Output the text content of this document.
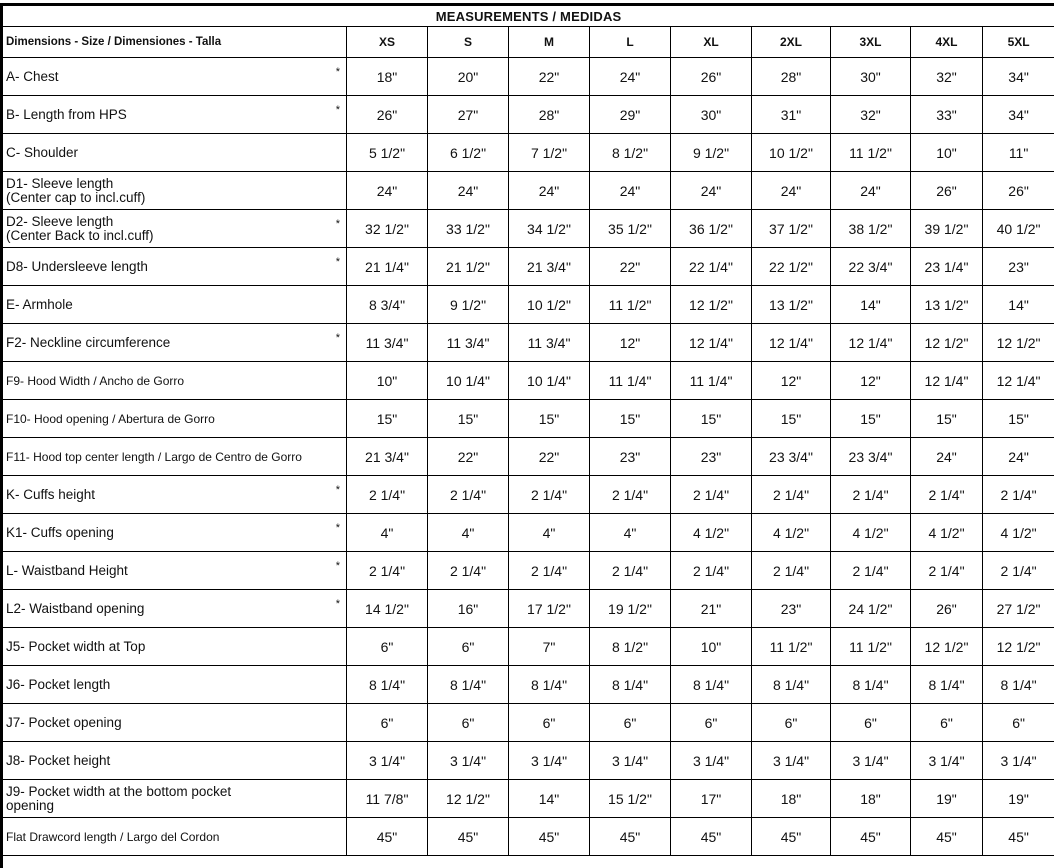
MEASUREMENTS / MEDIDAS									
Dimensions - Size / Dimensiones - Talla	XS	S	M	L	XL	2XL	3XL	4XL	5XL

A- Chest *	18"	20"	22"	24"	26"	28"	30"	32"	34"

B- Length from HPS *	26"	27"	28"	29"	30"	31"	32"	33"	34"

C- Shoulder	5 1/2"	6 1/2"	7 1/2"	8 1/2"	9 1/2"	10 1/2"	11 1/2"	10"	11"

D1- Sleeve length
(Center cap to incl.cuff)	24"	24"	24"	24"	24"	24"	24"	26"	26"

D2- Sleeve length
(Center Back to incl.cuff)
*	32 1/2"	33 1/2"	34 1/2"	35 1/2"	36 1/2"	37 1/2"	38 1/2"	39 1/2"	40 1/2"

D8- Undersleeve length *	21 1/4"	21 1/2"	21 3/4"	22"	22 1/4"	22 1/2"	22 3/4"	23 1/4"	23"

E- Armhole	8 3/4"	9 1/2"	10 1/2"	11 1/2"	12 1/2"	13 1/2"	14"	13 1/2"	14"

F2- Neckline circumference *	11 3/4"	11 3/4"	11 3/4"	12"	12 1/4"	12 1/4"	12 1/4"	12 1/2"	12 1/2"

F9- Hood Width / Ancho de Gorro	10"	10 1/4"	10 1/4"	11 1/4"	11 1/4"	12"	12"	12 1/4"	12 1/4"

F10- Hood opening / Abertura de Gorro	15"	15"	15"	15"	15"	15"	15"	15"	15"

F11- Hood top center length / Largo de Centro de Gorro	21 3/4"	22"	22"	23"	23"	23 3/4"	23 3/4"	24"	24"

K- Cuffs height *	2 1/4"	2 1/4"	2 1/4"	2 1/4"	2 1/4"	2 1/4"	2 1/4"	2 1/4"	2 1/4"

K1- Cuffs opening *	4"	4"	4"	4"	4 1/2"	4 1/2"	4 1/2"	4 1/2"	4 1/2"

L- Waistband Height *	2 1/4"	2 1/4"	2 1/4"	2 1/4"	2 1/4"	2 1/4"	2 1/4"	2 1/4"	2 1/4"

L2- Waistband opening *	14 1/2"	16"	17 1/2"	19 1/2"	21"	23"	24 1/2"	26"	27 1/2"

J5- Pocket width at Top	6"	6"	7"	8 1/2"	10"	11 1/2"	11 1/2"	12 1/2"	12 1/2"

J6- Pocket length	8 1/4"	8 1/4"	8 1/4"	8 1/4"	8 1/4"	8 1/4"	8 1/4"	8 1/4"	8 1/4"

J7- Pocket opening	6"	6"	6"	6"	6"	6"	6"	6"	6"

J8- Pocket height	3 1/4"	3 1/4"	3 1/4"	3 1/4"	3 1/4"	3 1/4"	3 1/4"	3 1/4"	3 1/4"

J9- Pocket width at the bottom pocket
opening	11 7/8"	12 1/2"	14"	15 1/2"	17"	18"	18"	19"	19"

Flat Drawcord length / Largo del Cordon	45"	45"	45"	45"	45"	45"	45"	45"	45"
